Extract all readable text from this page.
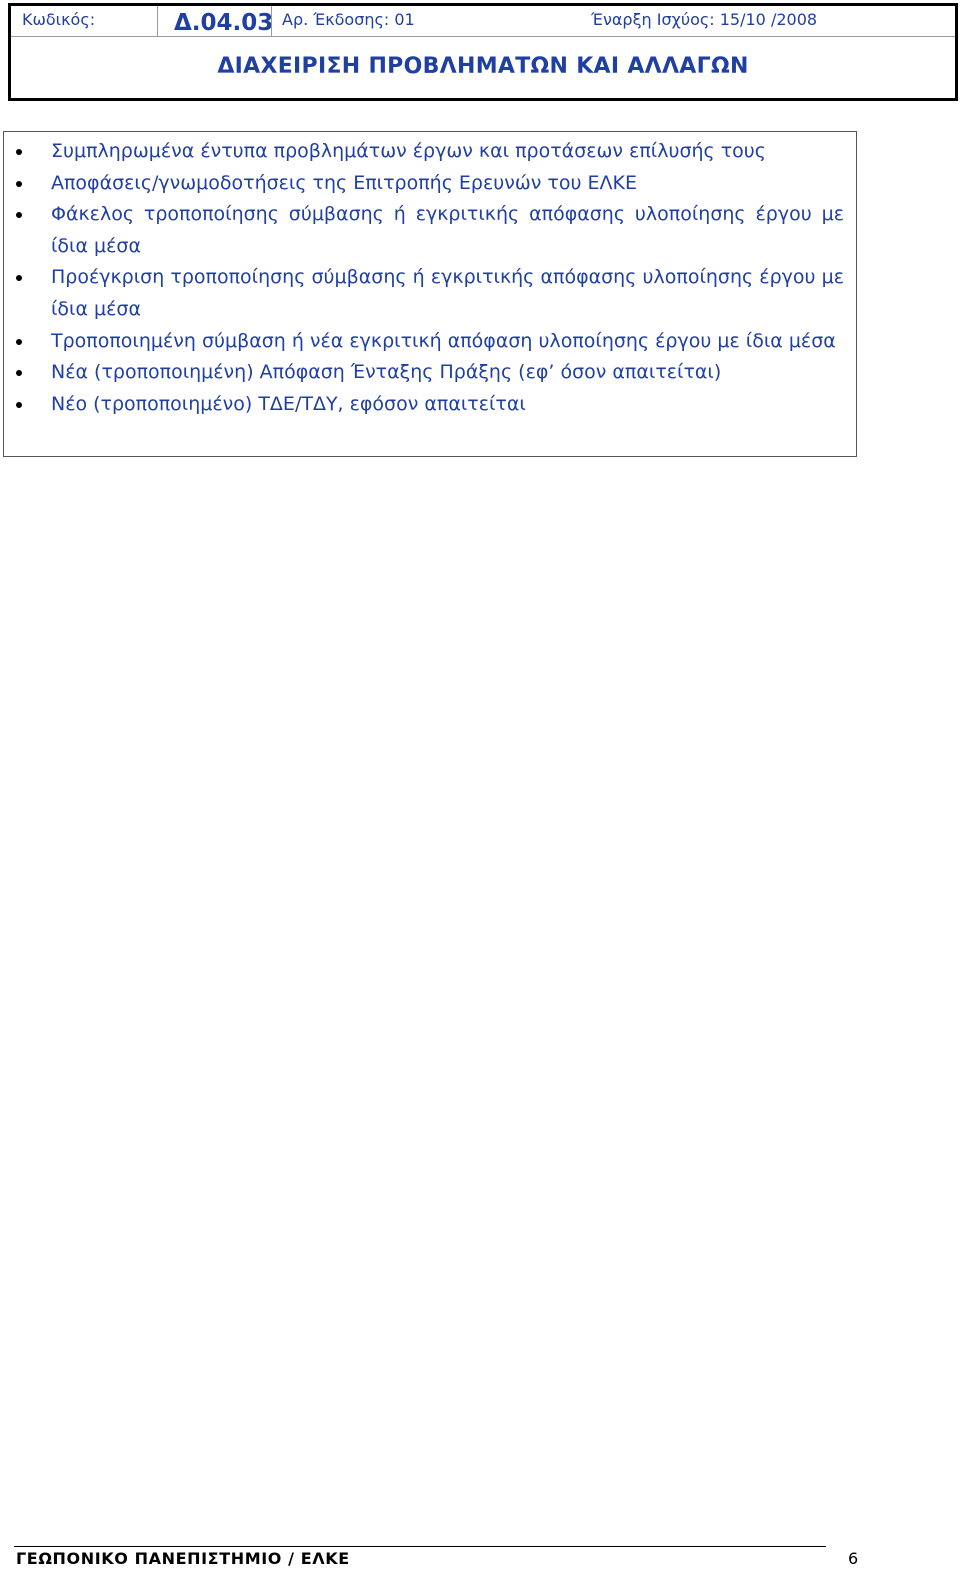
Κωδικός:	Δ.04.03 Αρ. Έκδοσης: 01	Έναρξη Ισχύος: 15/10 /2008
ΔΙΑΧΕΙΡΙΣΗ ΠΡΟΒΛΗΜΑΤΩΝ ΚΑΙ ΑΛΛΑΓΩΝ
Συμπληρωμένα έντυπα προβλημάτων έργων και προτάσεων επίλυσής τους
Αποφάσεις/γνωμοδοτήσεις της Επιτροπής Ερευνών του ΕΛΚΕ
Φάκελος τροποποίησης σύμβασης ή εγκριτικής απόφασης υλοποίησης έργου με ίδια μέσα
Προέγκριση τροποποίησης σύμβασης ή εγκριτικής απόφασης υλοποίησης έργου με ίδια μέσα
Τροποποιημένη σύμβαση ή νέα εγκριτική απόφαση υλοποίησης έργου με ίδια μέσα
Νέα (τροποποιημένη) Απόφαση Ένταξης Πράξης (εφ’ όσον απαιτείται)
Νέο (τροποποιημένο) ΤΔΕ/ΤΔΥ, εφόσον απαιτείται
ΓΕΩΠΟΝΙΚΟ ΠΑΝΕΠΙΣΤΗΜΙΟ / ΕΛΚΕ	6
